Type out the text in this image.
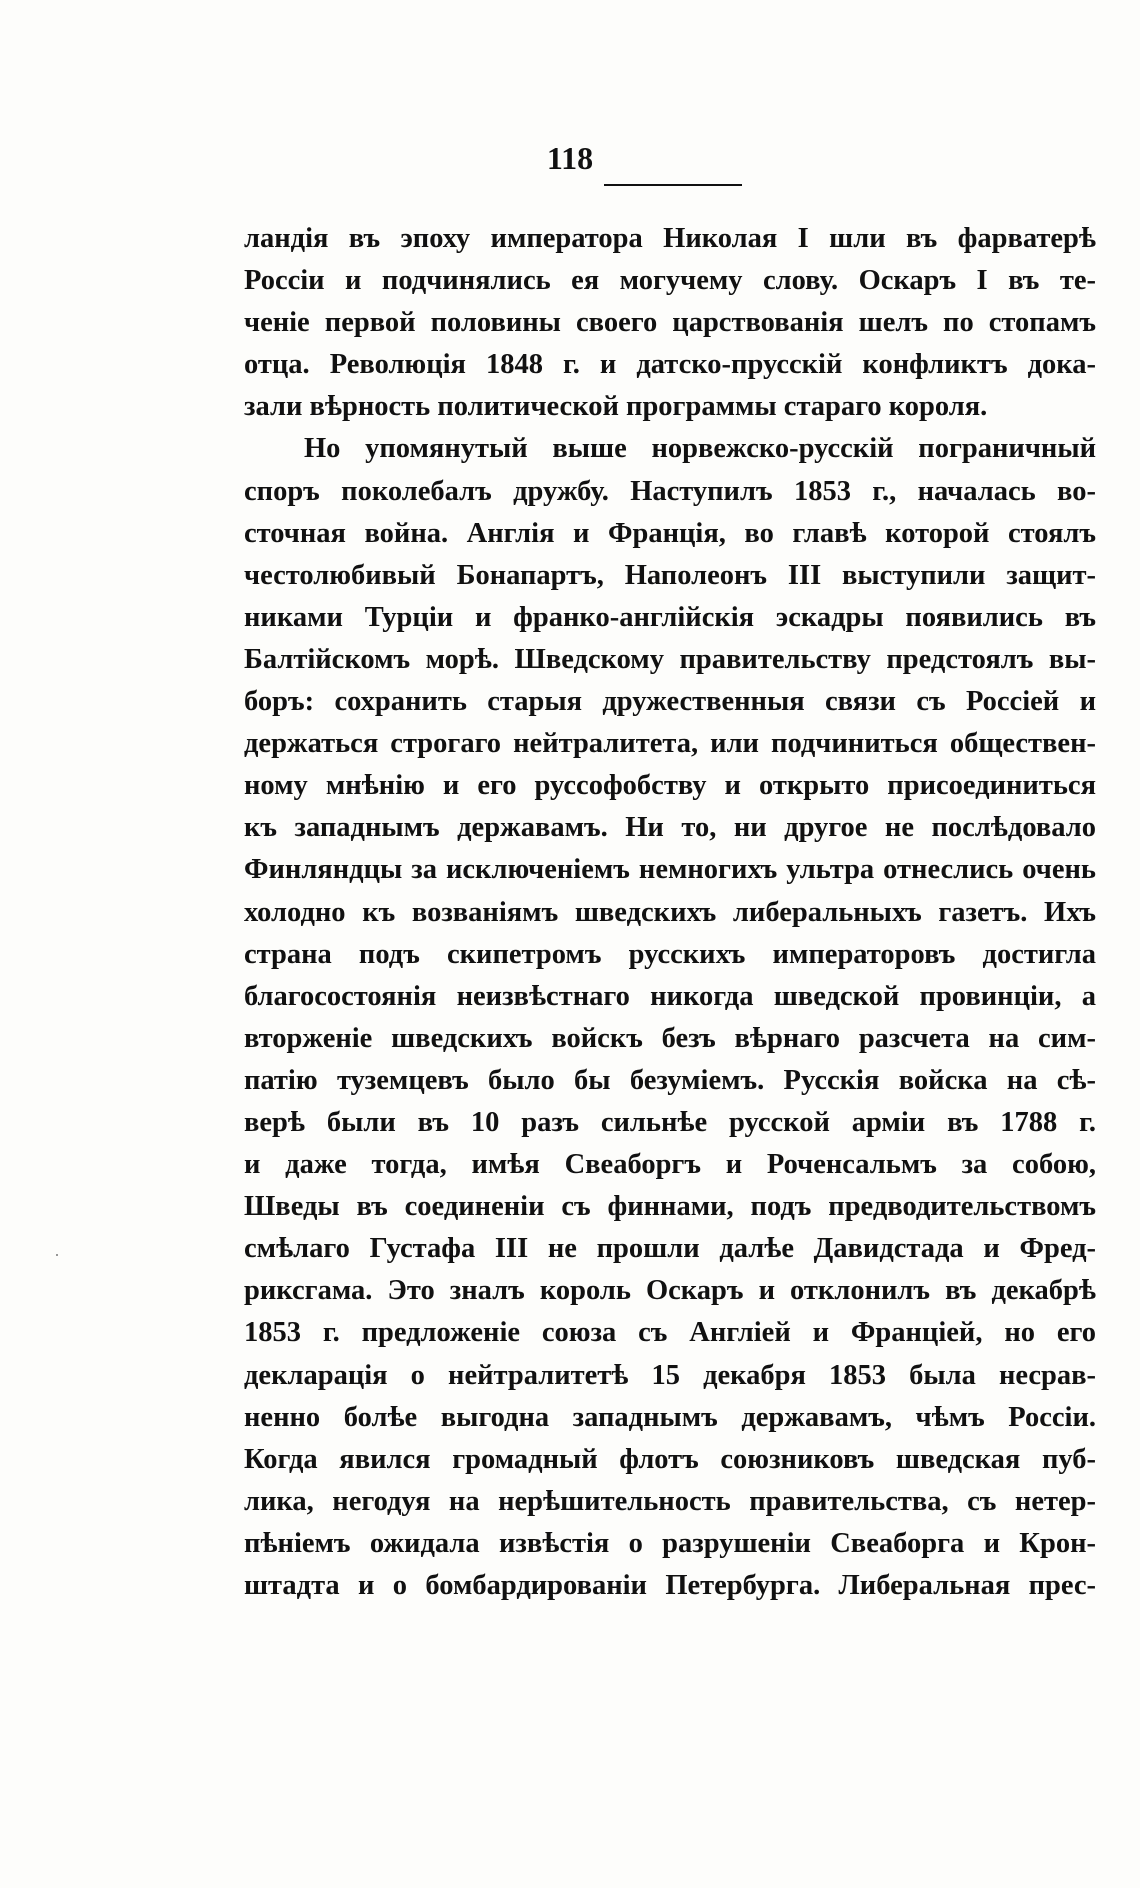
118
ландія въ эпоху императора Николая I шли въ фарватерѣ
Россіи и подчинялись ея могучему слову. Оскаръ I въ те-
ченіе первой половины своего царствованія шелъ по стопамъ
отца. Революція 1848 г. и датско-прусскій конфликтъ дока-
зали вѣрность политической программы стараго короля.
Но упомянутый выше норвежско-русскій пограничный
споръ поколебалъ дружбу. Наступилъ 1853 г., началась во-
сточная война. Англія и Франція, во главѣ которой стоялъ
честолюбивый Бонапартъ, Наполеонъ III выступили защит-
никами Турціи и франко-англійскія эскадры появились въ
Балтійскомъ морѣ. Шведскому правительству предстоялъ вы-
боръ: сохранить старыя дружественныя связи съ Россіей и
держаться строгаго нейтралитета, или подчиниться обществен-
ному мнѣнію и его руссофобству и открыто присоединиться
къ западнымъ державамъ. Ни то, ни другое не послѣдовало
Финляндцы за исключеніемъ немногихъ ультра отнеслись очень
холодно къ возваніямъ шведскихъ либеральныхъ газетъ. Ихъ
страна подъ скипетромъ русскихъ императоровъ достигла
благосостоянія неизвѣстнаго никогда шведской провинціи, а
вторженіе шведскихъ войскъ безъ вѣрнаго разсчета на сим-
патію туземцевъ было бы безуміемъ. Русскія войска на сѣ-
верѣ были въ 10 разъ сильнѣе русской арміи въ 1788 г.
и даже тогда, имѣя Свеаборгъ и Роченсальмъ за собою,
Шведы въ соединеніи съ финнами, подъ предводительствомъ
смѣлаго Густафа III не прошли далѣе Давидстада и Фред-
риксгама. Это зналъ король Оскаръ и отклонилъ въ декабрѣ
1853 г. предложеніе союза съ Англіей и Франціей, но его
декларація о нейтралитетѣ 15 декабря 1853 была несрав-
ненно болѣе выгодна западнымъ державамъ, чѣмъ Россіи.
Когда явился громадный флотъ союзниковъ шведская пуб-
лика, негодуя на нерѣшительность правительства, съ нетер-
пѣніемъ ожидала извѣстія о разрушеніи Свеаборга и Крон-
штадта и о бомбардированіи Петербурга. Либеральная прес-
